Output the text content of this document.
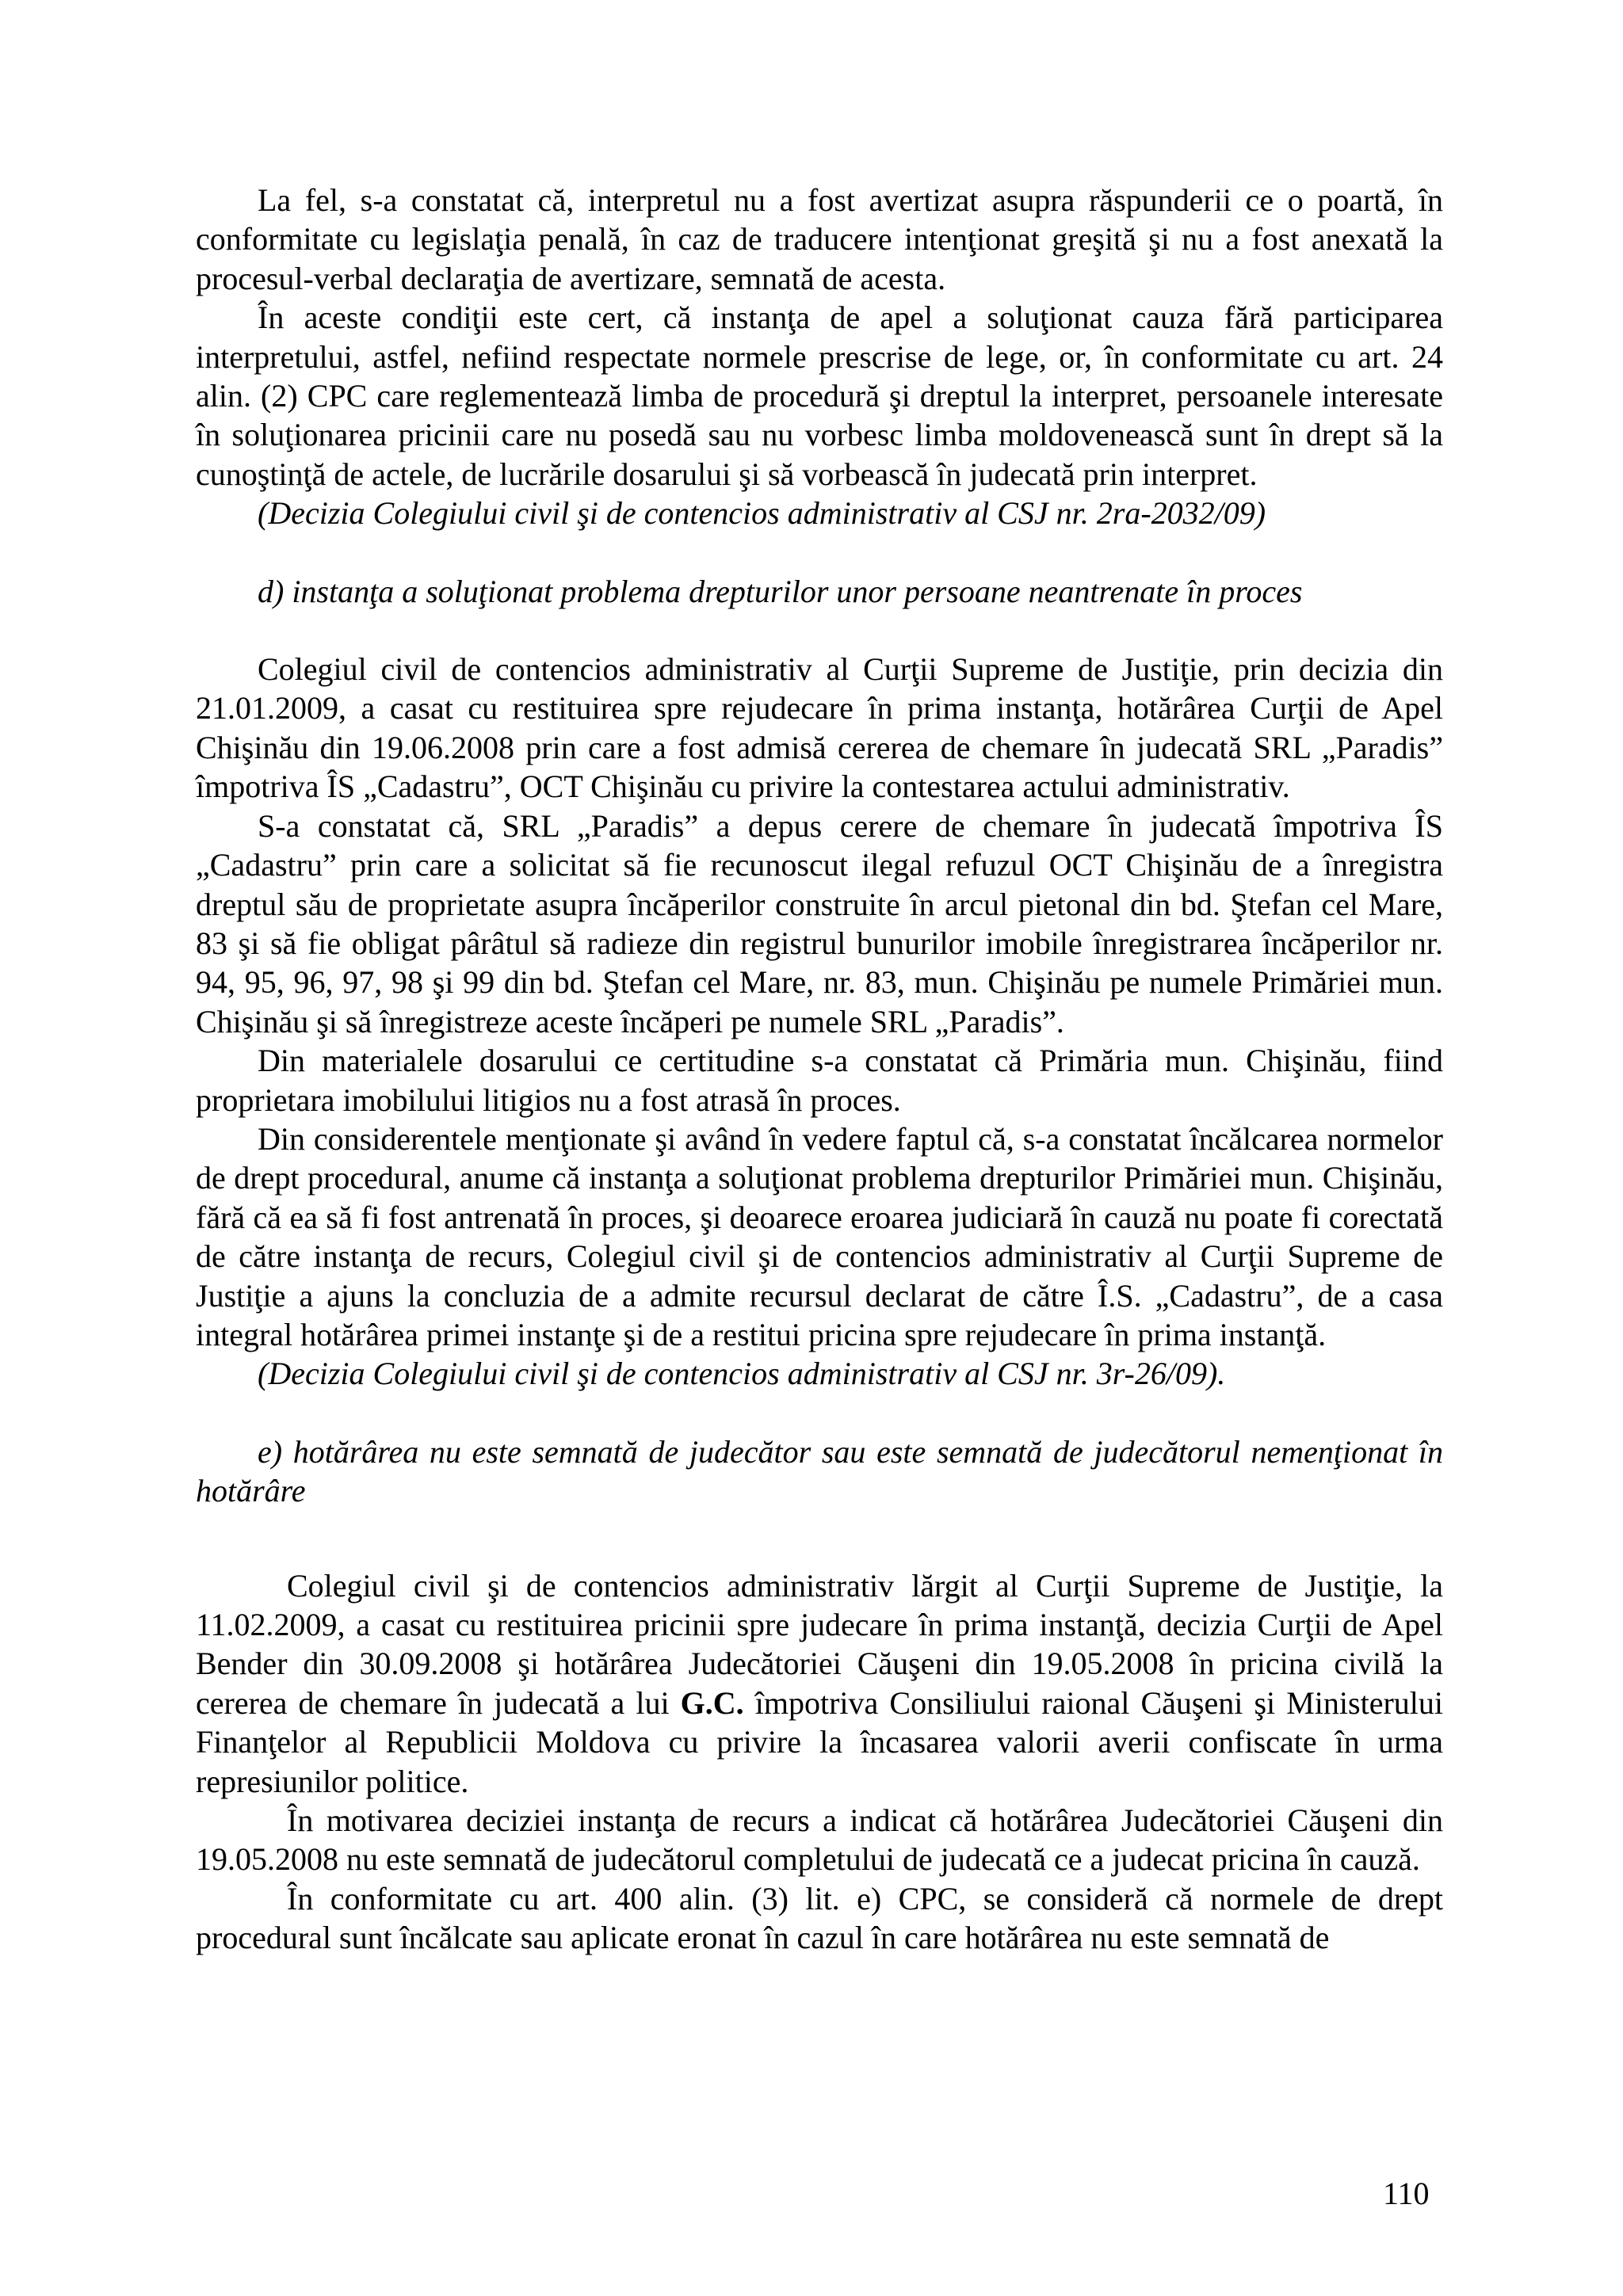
La fel, s-a constatat că, interpretul nu a fost avertizat asupra răspunderii ce o poartă, în conformitate cu legislaţia penală, în caz de traducere intenţionat greşită şi nu a fost anexată la procesul-verbal declaraţia de avertizare, semnată de acesta.

În aceste condiţii este cert, că instanţa de apel a soluţionat cauza fără participarea interpretului, astfel, nefiind respectate normele prescrise de lege, or, în conformitate cu art. 24 alin. (2) CPC care reglementează limba de procedură şi dreptul la interpret, persoanele interesate în soluţionarea pricinii care nu posedă sau nu vorbesc limba moldovenească sunt în drept să la cunoştinţă de actele, de lucrările dosarului şi să vorbească în judecată prin interpret.

(Decizia Colegiului civil şi de contencios administrativ al CSJ nr. 2ra-2032/09)

d) instanţa a soluţionat problema drepturilor unor persoane neantrenate în proces

Colegiul civil de contencios administrativ al Curţii Supreme de Justiţie, prin decizia din 21.01.2009, a casat cu restituirea spre rejudecare în prima instanţa, hotărârea Curţii de Apel Chişinău din 19.06.2008 prin care a fost admisă cererea de chemare în judecată SRL „Paradis” împotriva ÎS „Cadastru”, OCT Chişinău cu privire la contestarea actului administrativ.

S-a constatat că, SRL „Paradis” a depus cerere de chemare în judecată împotriva ÎS „Cadastru” prin care a solicitat să fie recunoscut ilegal refuzul OCT Chişinău de a înregistra dreptul său de proprietate asupra încăperilor construite în arcul pietonal din bd. Ştefan cel Mare, 83 şi să fie obligat pârâtul să radieze din registrul bunurilor imobile înregistrarea încăperilor nr. 94, 95, 96, 97, 98 şi 99 din bd. Ştefan cel Mare, nr. 83, mun. Chişinău pe numele Primăriei mun. Chişinău şi să înregistreze aceste încăperi pe numele SRL „Paradis”.

Din materialele dosarului ce certitudine s-a constatat că Primăria mun. Chişinău, fiind proprietara imobilului litigios nu a fost atrasă în proces.

Din considerentele menţionate şi având în vedere faptul că, s-a constatat încălcarea normelor de drept procedural, anume că instanţa a soluţionat problema drepturilor Primăriei mun. Chişinău, fără că ea să fi fost antrenată în proces, şi deoarece eroarea judiciară în cauză nu poate fi corectată de către instanţa de recurs, Colegiul civil şi de contencios administrativ al Curţii Supreme de Justiţie a ajuns la concluzia de a admite recursul declarat de către Î.S. „Cadastru”, de a casa integral hotărârea primei instanţe şi de a restitui pricina spre rejudecare în prima instanţă.

(Decizia Colegiului civil şi de contencios administrativ al CSJ nr. 3r-26/09).

e) hotărârea nu este semnată de judecător sau este semnată de judecătorul nemenţionat în hotărâre

Colegiul civil şi de contencios administrativ lărgit al Curţii Supreme de Justiţie, la 11.02.2009, a casat cu restituirea pricinii spre judecare în prima instanţă, decizia Curţii de Apel Bender din 30.09.2008 şi hotărârea Judecătoriei Căuşeni din 19.05.2008 în pricina civilă la cererea de chemare în judecată a lui G.C. împotriva Consiliului raional Căuşeni şi Ministerului Finanţelor al Republicii Moldova cu privire la încasarea valorii averii confiscate în urma represiunilor politice.

În motivarea deciziei instanţa de recurs a indicat că hotărârea Judecătoriei Căuşeni din 19.05.2008 nu este semnată de judecătorul completului de judecată ce a judecat pricina în cauză.

În conformitate cu art. 400 alin. (3) lit. e) CPC, se consideră că normele de drept procedural sunt încălcate sau aplicate eronat în cazul în care hotărârea nu este semnată de

110
